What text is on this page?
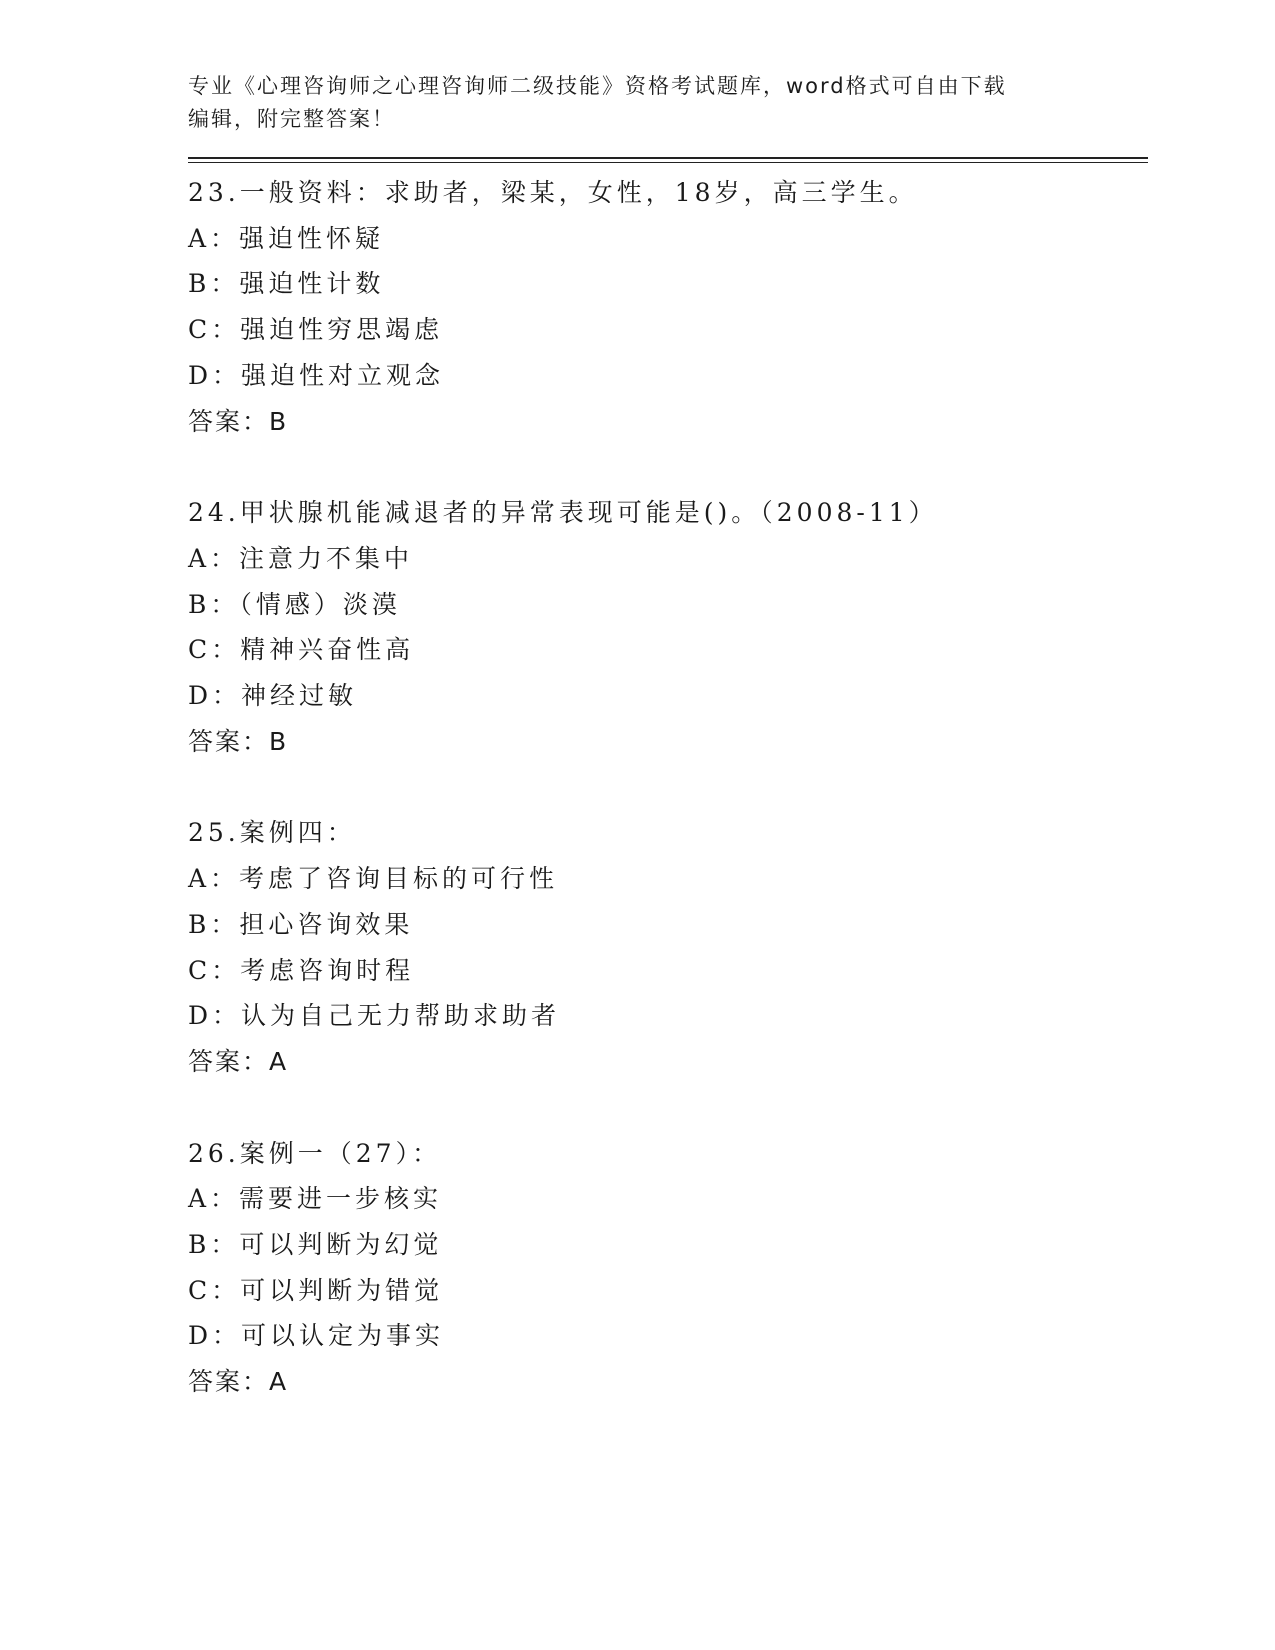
专业《心理咨询师之心理咨询师二级技能》资格考试题库，word格式可自由下载
编辑，附完整答案！
23.一般资料：求助者，梁某，女性，18岁，高三学生。
A：强迫性怀疑
B：强迫性计数
C：强迫性穷思竭虑
D：强迫性对立观念
答案：B
24.甲状腺机能减退者的异常表现可能是()。（2008-11）
A：注意力不集中
B：（情感）淡漠
C：精神兴奋性高
D：神经过敏
答案：B
25.案例四：
A：考虑了咨询目标的可行性
B：担心咨询效果
C：考虑咨询时程
D：认为自己无力帮助求助者
答案：A
26.案例一（27）：
A：需要进一步核实
B：可以判断为幻觉
C：可以判断为错觉
D：可以认定为事实
答案：A
